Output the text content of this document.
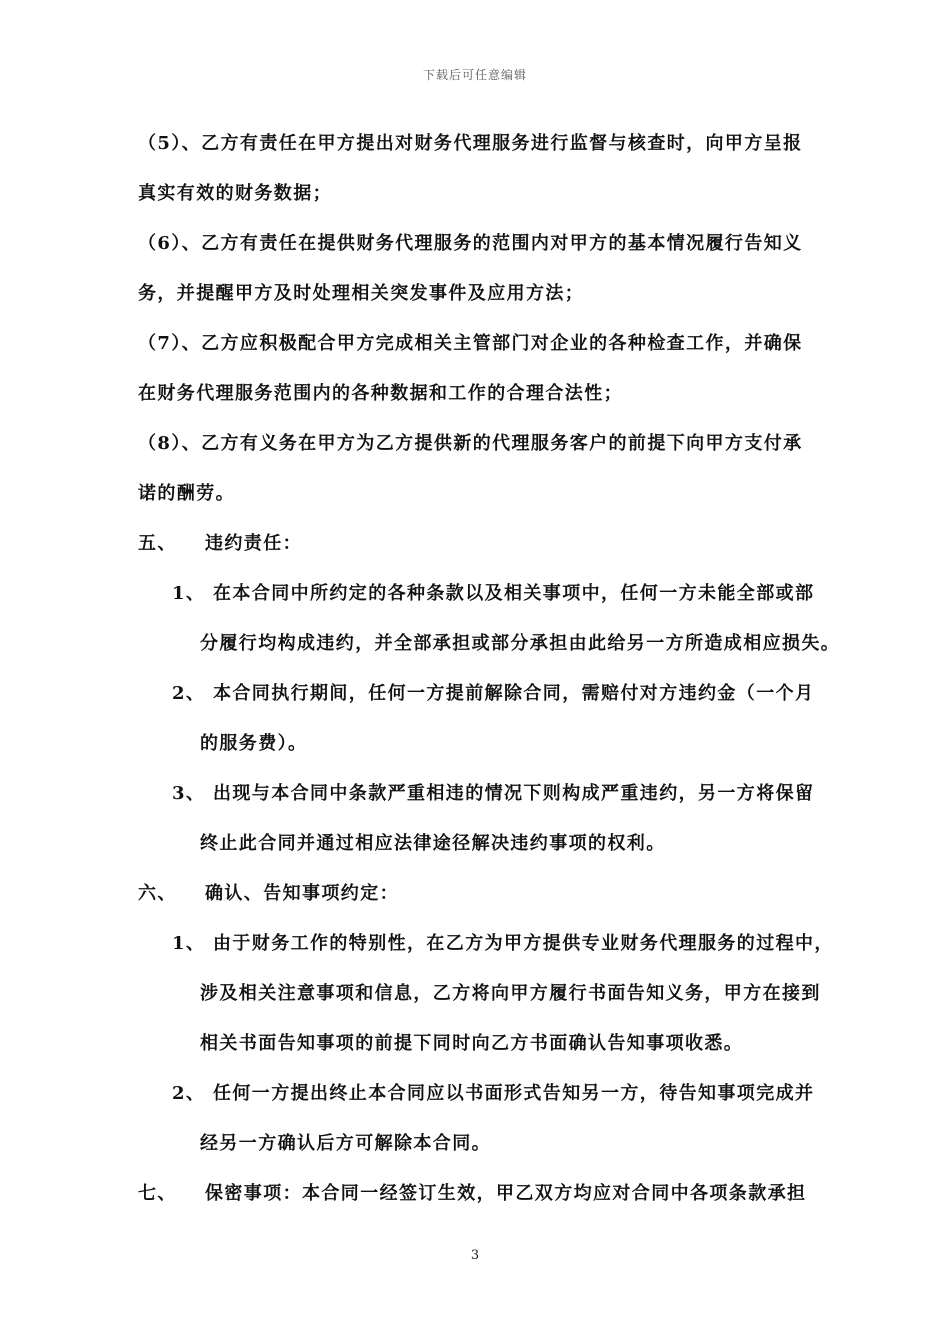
下载后可任意编辑
（5）、乙方有责任在甲方提出对财务代理服务进行监督与核查时，向甲方呈报
真实有效的财务数据；
（6）、乙方有责任在提供财务代理服务的范围内对甲方的基本情况履行告知义
务，并提醒甲方及时处理相关突发事件及应用方法；
（7）、乙方应积极配合甲方完成相关主管部门对企业的各种检查工作，并确保
在财务代理服务范围内的各种数据和工作的合理合法性；
（8）、乙方有义务在甲方为乙方提供新的代理服务客户的前提下向甲方支付承
诺的酬劳。
五、 违约责任：
1、 在本合同中所约定的各种条款以及相关事项中，任何一方未能全部或部
分履行均构成违约，并全部承担或部分承担由此给另一方所造成相应损失。
2、 本合同执行期间，任何一方提前解除合同，需赔付对方违约金（一个月
的服务费）。
3、 出现与本合同中条款严重相违的情况下则构成严重违约，另一方将保留
终止此合同并通过相应法律途径解决违约事项的权利。
六、 确认、告知事项约定：
1、 由于财务工作的特别性，在乙方为甲方提供专业财务代理服务的过程中，
涉及相关注意事项和信息，乙方将向甲方履行书面告知义务，甲方在接到
相关书面告知事项的前提下同时向乙方书面确认告知事项收悉。
2、 任何一方提出终止本合同应以书面形式告知另一方，待告知事项完成并
经另一方确认后方可解除本合同。
七、 保密事项：本合同一经签订生效，甲乙双方均应对合同中各项条款承担
3
